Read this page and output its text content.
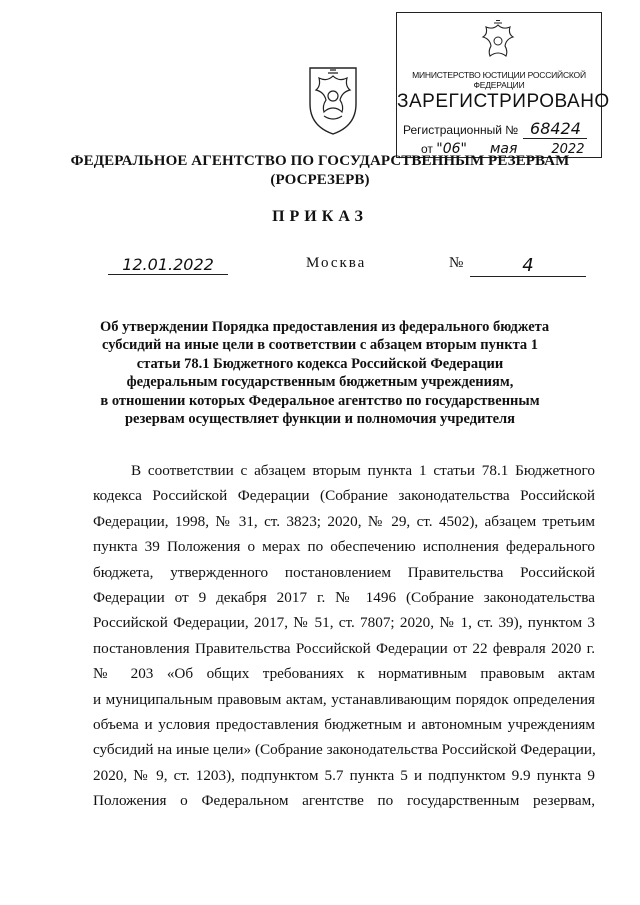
МИНИСТЕРСТВО ЮСТИЦИИ РОССИЙСКОЙ ФЕДЕРАЦИИ
ЗАРЕГИСТРИРОВАНО
Регистрационный № 68424
от "06" мая	2022
ФЕДЕРАЛЬНОЕ АГЕНТСТВО ПО ГОСУДАРСТВЕННЫМ РЕЗЕРВАМ
(РОСРЕЗЕРВ)
ПРИКАЗ
12.01.2022	Москва	№	4
Об утверждении Порядка предоставления из федерального бюджета
субсидий на иные цели в соответствии с абзацем вторым пункта 1
статьи 78.1 Бюджетного кодекса Российской Федерации
федеральным государственным бюджетным учреждениям,
в отношении которых Федеральное агентство по государственным
резервам осуществляет функции и полномочия учредителя
В соответствии с абзацем вторым пункта 1 статьи 78.1 Бюджетного
кодекса Российской Федерации (Собрание законодательства Российской
Федерации, 1998, № 31, ст. 3823; 2020, № 29, ст. 4502), абзацем третьим
пункта 39 Положения о мерах по обеспечению исполнения федерального
бюджета, утвержденного постановлением Правительства Российской
Федерации от 9 декабря 2017 г. № 1496 (Собрание законодательства
Российской Федерации, 2017, № 51, ст. 7807; 2020, № 1, ст. 39), пунктом 3
постановления Правительства Российской Федерации от 22 февраля 2020 г.
№ 203 «Об общих требованиях к нормативным правовым актам
и муниципальным правовым актам, устанавливающим порядок определения
объема и условия предоставления бюджетным и автономным учреждениям
субсидий на иные цели» (Собрание законодательства Российской Федерации,
2020, № 9, ст. 1203), подпунктом 5.7 пункта 5 и подпунктом 9.9 пункта 9
Положения о Федеральном агентстве по государственным резервам,
